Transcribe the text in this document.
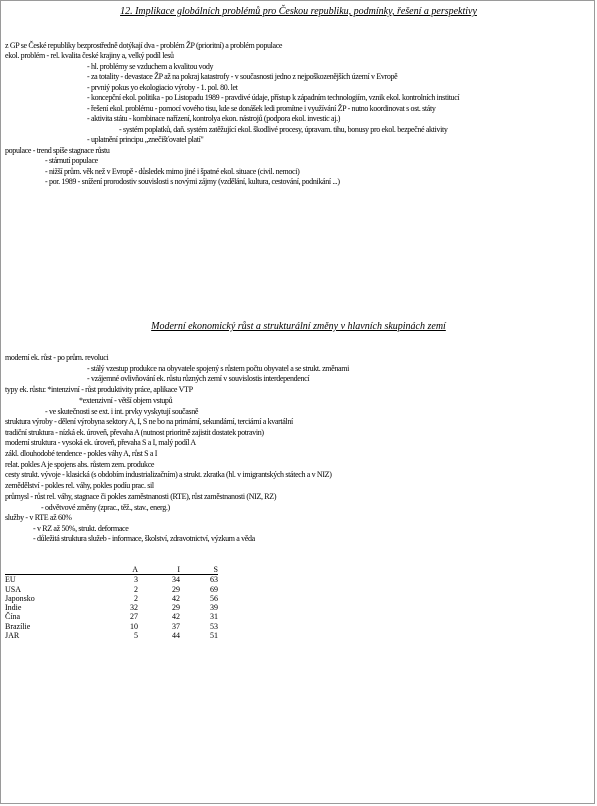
12. Implikace globálních problémů pro Českou republiku, podmínky, řešení a perspektivy
z GP se České republiky bezprostředně dotýkají dva - problém ŽP (prioritní) a problém populace
ekol. problém - rel. kvalita české krajiny a, velký podíl lesů
- hl. problémy se vzduchem a kvalitou vody
- za totality - devastace ŽP až na pokraj katastrofy - v současnosti jedno z nejpoškozenějších území v Evropě
- prvniý pokus yo ekologiacio výroby - 1. pol. 80. let
- koncepční ekol. politika - po Listopadu 1989 - pravdivé údaje, přístup k západním technologiím, vznik ekol. kontrolních institucí
- řešení ekol. problému - pomocí vového tisu, kde se donášek ledi promítne i využívání ŽP - nutno koordinovat s ost. státy
- aktivita státu - kombinace nařízení, kontrolya ekon. nástrojů (podpora ekol. investic aj.)
- systém poplatků, daň. systém zatěžující ekol. škodlivé procesy, úpravam. tihu, bonusy pro ekol. bezpečné aktivity
- uplatnění principu „znečišťovatel platí"
populace - trend spíše stagnace růstu
- stárnutí populace
- nižší prům. věk než v Evropě - důsledek mimo jiné i špatné ekol. situace (civil. nemoci)
- por. 1989 - snížení prorodostiv souvislosti s novými zájmy (vzdělání, kultura, cestování, podnikání ...)
Moderní ekonomický růst a strukturální změny v hlavních skupinách zemí
moderní ek. růst - po prům. revoluci
- stálý vzestup produkce na obyvatele spojený s růstem počtu obyvatel a se strukt. změnami
- vzájemné ovlivňování ek. růstu různých zemí v souvislostis interdependencí
typy ek. růstu: *intenzivní - růst produktivity práce, aplikace VTP
*extenzivní - větší objem vstupů
- ve skutečnosti se ext. i int. prvky vyskytují současně
struktura výroby - dělení výrobyna sektory A, I, S ne bo na primární, sekundární, terciární a kvartální
tradiční struktura - nízká ek. úroveň, převaha A (nutnost prioritně zajistit dostatek potravin)
moderní struktura - vysoká ek. úroveň, převaha S a I, malý podíl A
zákl. dlouhodobé tendence - pokles váhy A, růst S a I
relat. pokles A je spojens abs. růstem zem. produkce
cesty strukt. vývoje - klasická (s obdobím industrializačním) a strukt. zkratka (hl. v imigrantských státech a v NIZ)
zemědělství - pokles rel. váhy, pokles podíu prac. sil
průmysl - růst rel. váhy, stagnace či pokles zaměstnanosti (RTE), růst zaměstnanosti (NIZ, RZ)
- odvětvové změny (zprac., těž., stav., energ.)
služby - v RTE až 60%
- v RZ až 50%, strukt. deformace
- důležitá struktura služeb - informace, školství, zdravotnictví, výzkum a věda
	A	I	S
EU	3	34	63
USA	2	29	69
Japonsko	2	42	56
Indie	32	29	39
Čína	27	42	31
Brazílie	10	37	53
JAR	5	44	51
